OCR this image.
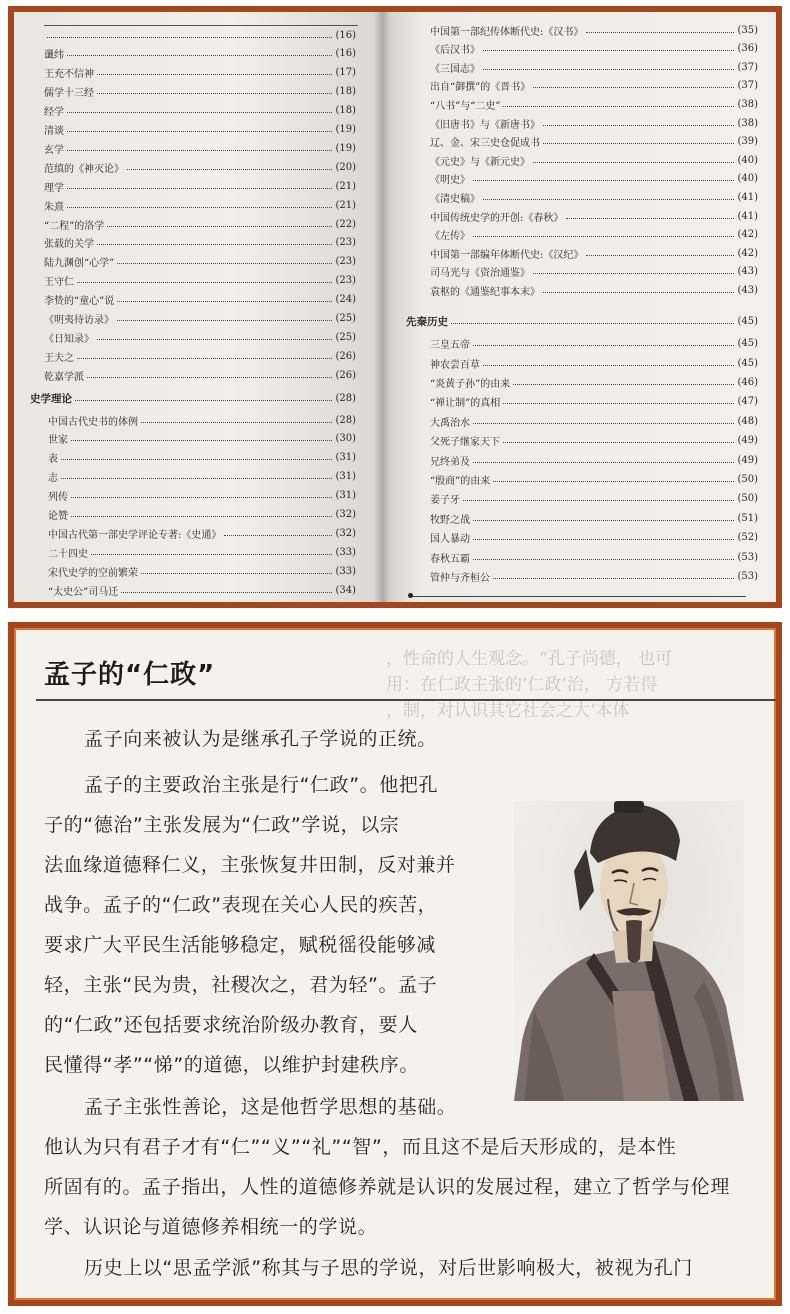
(16)
谶纬	(16)
王充不信神	(17)
儒学十三经	(18)
经学	(18)
清谈	(19)
玄学	(19)
范缜的《神灭论》	(20)
理学	(21)
朱熹	(21)
“二程”的洛学	(22)
张载的关学	(23)
陆九渊创“心学”	(23)
王守仁	(23)
李贽的“童心”说	(24)
《明夷待访录》	(25)
《日知录》	(25)
王夫之	(26)
乾嘉学派	(26)
史学理论	(28)
中国古代史书的体例	(28)
世家	(30)
表	(31)
志	(31)
列传	(31)
论赞	(32)
中国古代第一部史学评论专著:《史通》	(32)
二十四史	(33)
宋代史学的空前繁荣	(33)
“太史公”司马迁	(34)
中国第一部纪传体断代史:《汉书》	(35)
《后汉书》	(36)
《三国志》	(37)
出自“御撰”的《晋书》	(37)
“八书”与“二史”	(38)
《旧唐书》与《新唐书》	(38)
辽、金、宋三史仓促成书	(39)
《元史》与《新元史》	(40)
《明史》	(40)
《清史稿》	(41)
中国传统史学的开创:《春秋》	(41)
《左传》	(42)
中国第一部编年体断代史:《汉纪》	(42)
司马光与《资治通鉴》	(43)
袁枢的《通鉴纪事本末》	(43)
先秦历史	(45)
三皇五帝	(45)
神农尝百草	(45)
“炎黄子孙”的由来	(46)
“禅让制”的真相	(47)
大禹治水	(48)
父死子继家天下	(49)
兄终弟及	(49)
“殷商”的由来	(50)
姜子牙	(50)
牧野之战	(51)
国人暴动	(52)
春秋五霸	(53)
管仲与齐桓公	(53)
，性命的人生观念。“孔子尚德， 也可
用：在仁政主张的‘仁政’治， 方若得
，制，对认识其它社会之大‘本体
孟子的“仁政”
孟子向来被认为是继承孔子学说的正统。
孟子的主要政治主张是行“仁政”。他把孔
子的“德治”主张发展为“仁政”学说，以宗
法血缘道德释仁义，主张恢复井田制，反对兼并
战争。孟子的“仁政”表现在关心人民的疾苦，
要求广大平民生活能够稳定，赋税徭役能够减
轻，主张“民为贵，社稷次之，君为轻”。孟子
的“仁政”还包括要求统治阶级办教育，要人
民懂得“孝”“悌”的道德，以维护封建秩序。
孟子主张性善论，这是他哲学思想的基础。
他认为只有君子才有“仁”“义”“礼”“智”，而且这不是后天形成的，是本性
所固有的。孟子指出，人性的道德修养就是认识的发展过程，建立了哲学与伦理
学、认识论与道德修养相统一的学说。
历史上以“思孟学派”称其与子思的学说，对后世影响极大，被视为孔门
